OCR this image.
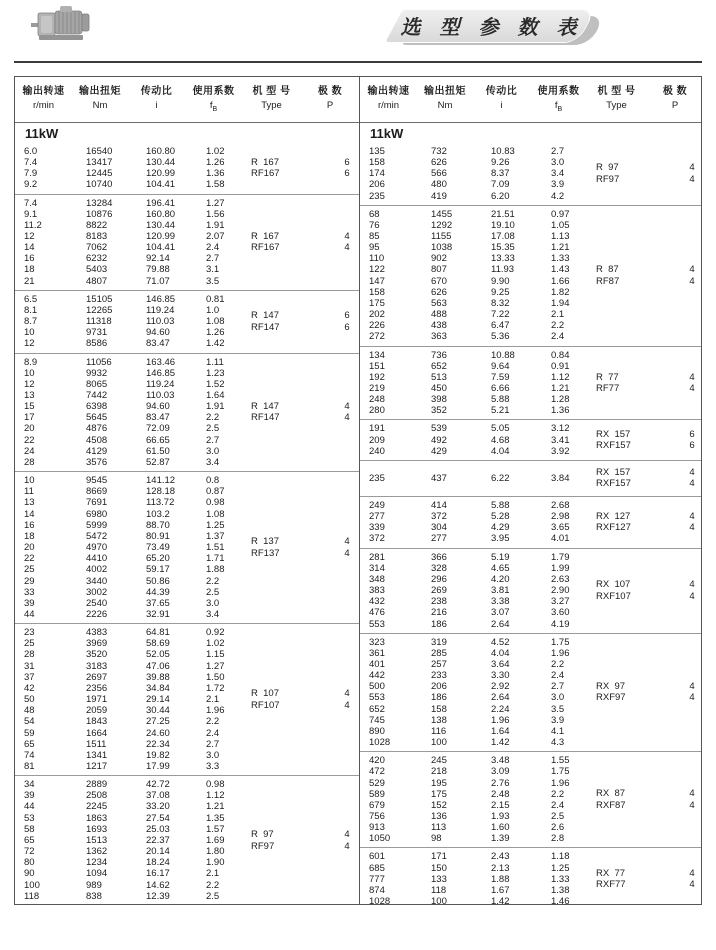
选 型 参 数 表
输出转速	输出扭矩	传动比	使用系数	机 型 号	极 数
r/min	Nm	i	$f_B$	Type	P
11kW
6.0	16540	160.80	1.02
7.4	13417	130.44	1.26
7.9	12445	120.99	1.36
9.2	10740	104.41	1.58
R  167	6
RF167	6
7.4	13284	196.41	1.27
9.1	10876	160.80	1.56
11.2	8822	130.44	1.91
12	8183	120.99	2.07
14	7062	104.41	2.4
16	6232	92.14	2.7
18	5403	79.88	3.1
21	4807	71.07	3.5
R  167	4
RF167	4
6.5	15105	146.85	0.81
8.1	12265	119.24	1.0
8.7	11318	110.03	1.08
10	9731	94.60	1.26
12	8586	83.47	1.42
R  147	6
RF147	6
8.9	11056	163.46	1.11
10	9932	146.85	1.23
12	8065	119.24	1.52
13	7442	110.03	1.64
15	6398	94.60	1.91
17	5645	83.47	2.2
20	4876	72.09	2.5
22	4508	66.65	2.7
24	4129	61.50	3.0
28	3576	52.87	3.4
R  147	4
RF147	4
10	9545	141.12	0.8
11	8669	128.18	0.87
13	7691	113.72	0.98
14	6980	103.2	1.08
16	5999	88.70	1.25
18	5472	80.91	1.37
20	4970	73.49	1.51
22	4410	65.20	1.71
25	4002	59.17	1.88
29	3440	50.86	2.2
33	3002	44.39	2.5
39	2540	37.65	3.0
44	2226	32.91	3.4
R  137	4
RF137	4
23	4383	64.81	0.92
25	3969	58.69	1.02
28	3520	52.05	1.15
31	3183	47.06	1.27
37	2697	39.88	1.50
42	2356	34.84	1.72
50	1971	29.14	2.1
48	2059	30.44	1.96
54	1843	27.25	2.2
59	1664	24.60	2.4
65	1511	22.34	2.7
74	1341	19.82	3.0
81	1217	17.99	3.3
R  107	4
RF107	4
34	2889	42.72	0.98
39	2508	37.08	1.12
44	2245	33.20	1.21
53	1863	27.54	1.35
58	1693	25.03	1.57
65	1513	22.37	1.69
72	1362	20.14	1.80
80	1234	18.24	1.90
90	1094	16.17	2.1
100	989	14.62	2.2
118	838	12.39	2.5
R  97	4
RF97	4
输出转速	输出扭矩	传动比	使用系数	机 型 号	极 数
r/min	Nm	i	$f_B$	Type	P
11kW
135	732	10.83	2.7
158	626	9.26	3.0
174	566	8.37	3.4
206	480	7.09	3.9
235	419	6.20	4.2
R  97	4
RF97	4
68	1455	21.51	0.97
76	1292	19.10	1.05
85	1155	17.08	1.13
95	1038	15.35	1.21
110	902	13.33	1.33
122	807	11.93	1.43
147	670	9.90	1.66
158	626	9.25	1.82
175	563	8.32	1.94
202	488	7.22	2.1
226	438	6.47	2.2
272	363	5.36	2.4
R  87	4
RF87	4
134	736	10.88	0.84
151	652	9.64	0.91
192	513	7.59	1.12
219	450	6.66	1.21
248	398	5.88	1.28
280	352	5.21	1.36
R  77	4
RF77	4
191	539	5.05	3.12
209	492	4.68	3.41
240	429	4.04	3.92
RX  157	6
RXF157	6
235	437	6.22	3.84
RX  157	4
RXF157	4
249	414	5.88	2.68
277	372	5.28	2.98
339	304	4.29	3.65
372	277	3.95	4.01
RX  127	4
RXF127	4
281	366	5.19	1.79
314	328	4.65	1.99
348	296	4.20	2.63
383	269	3.81	2.90
432	238	3.38	3.27
476	216	3.07	3.60
553	186	2.64	4.19
RX  107	4
RXF107	4
323	319	4.52	1.75
361	285	4.04	1.96
401	257	3.64	2.2
442	233	3.30	2.4
500	206	2.92	2.7
553	186	2.64	3.0
652	158	2.24	3.5
745	138	1.96	3.9
890	116	1.64	4.1
1028	100	1.42	4.3
RX  97	4
RXF97	4
420	245	3.48	1.55
472	218	3.09	1.75
529	195	2.76	1.96
589	175	2.48	2.2
679	152	2.15	2.4
756	136	1.93	2.5
913	113	1.60	2.6
1050	98	1.39	2.8
RX  87	4
RXF87	4
601	171	2.43	1.18
685	150	2.13	1.25
777	133	1.88	1.33
874	118	1.67	1.38
1028	100	1.42	1.46
RX  77	4
RXF77	4
